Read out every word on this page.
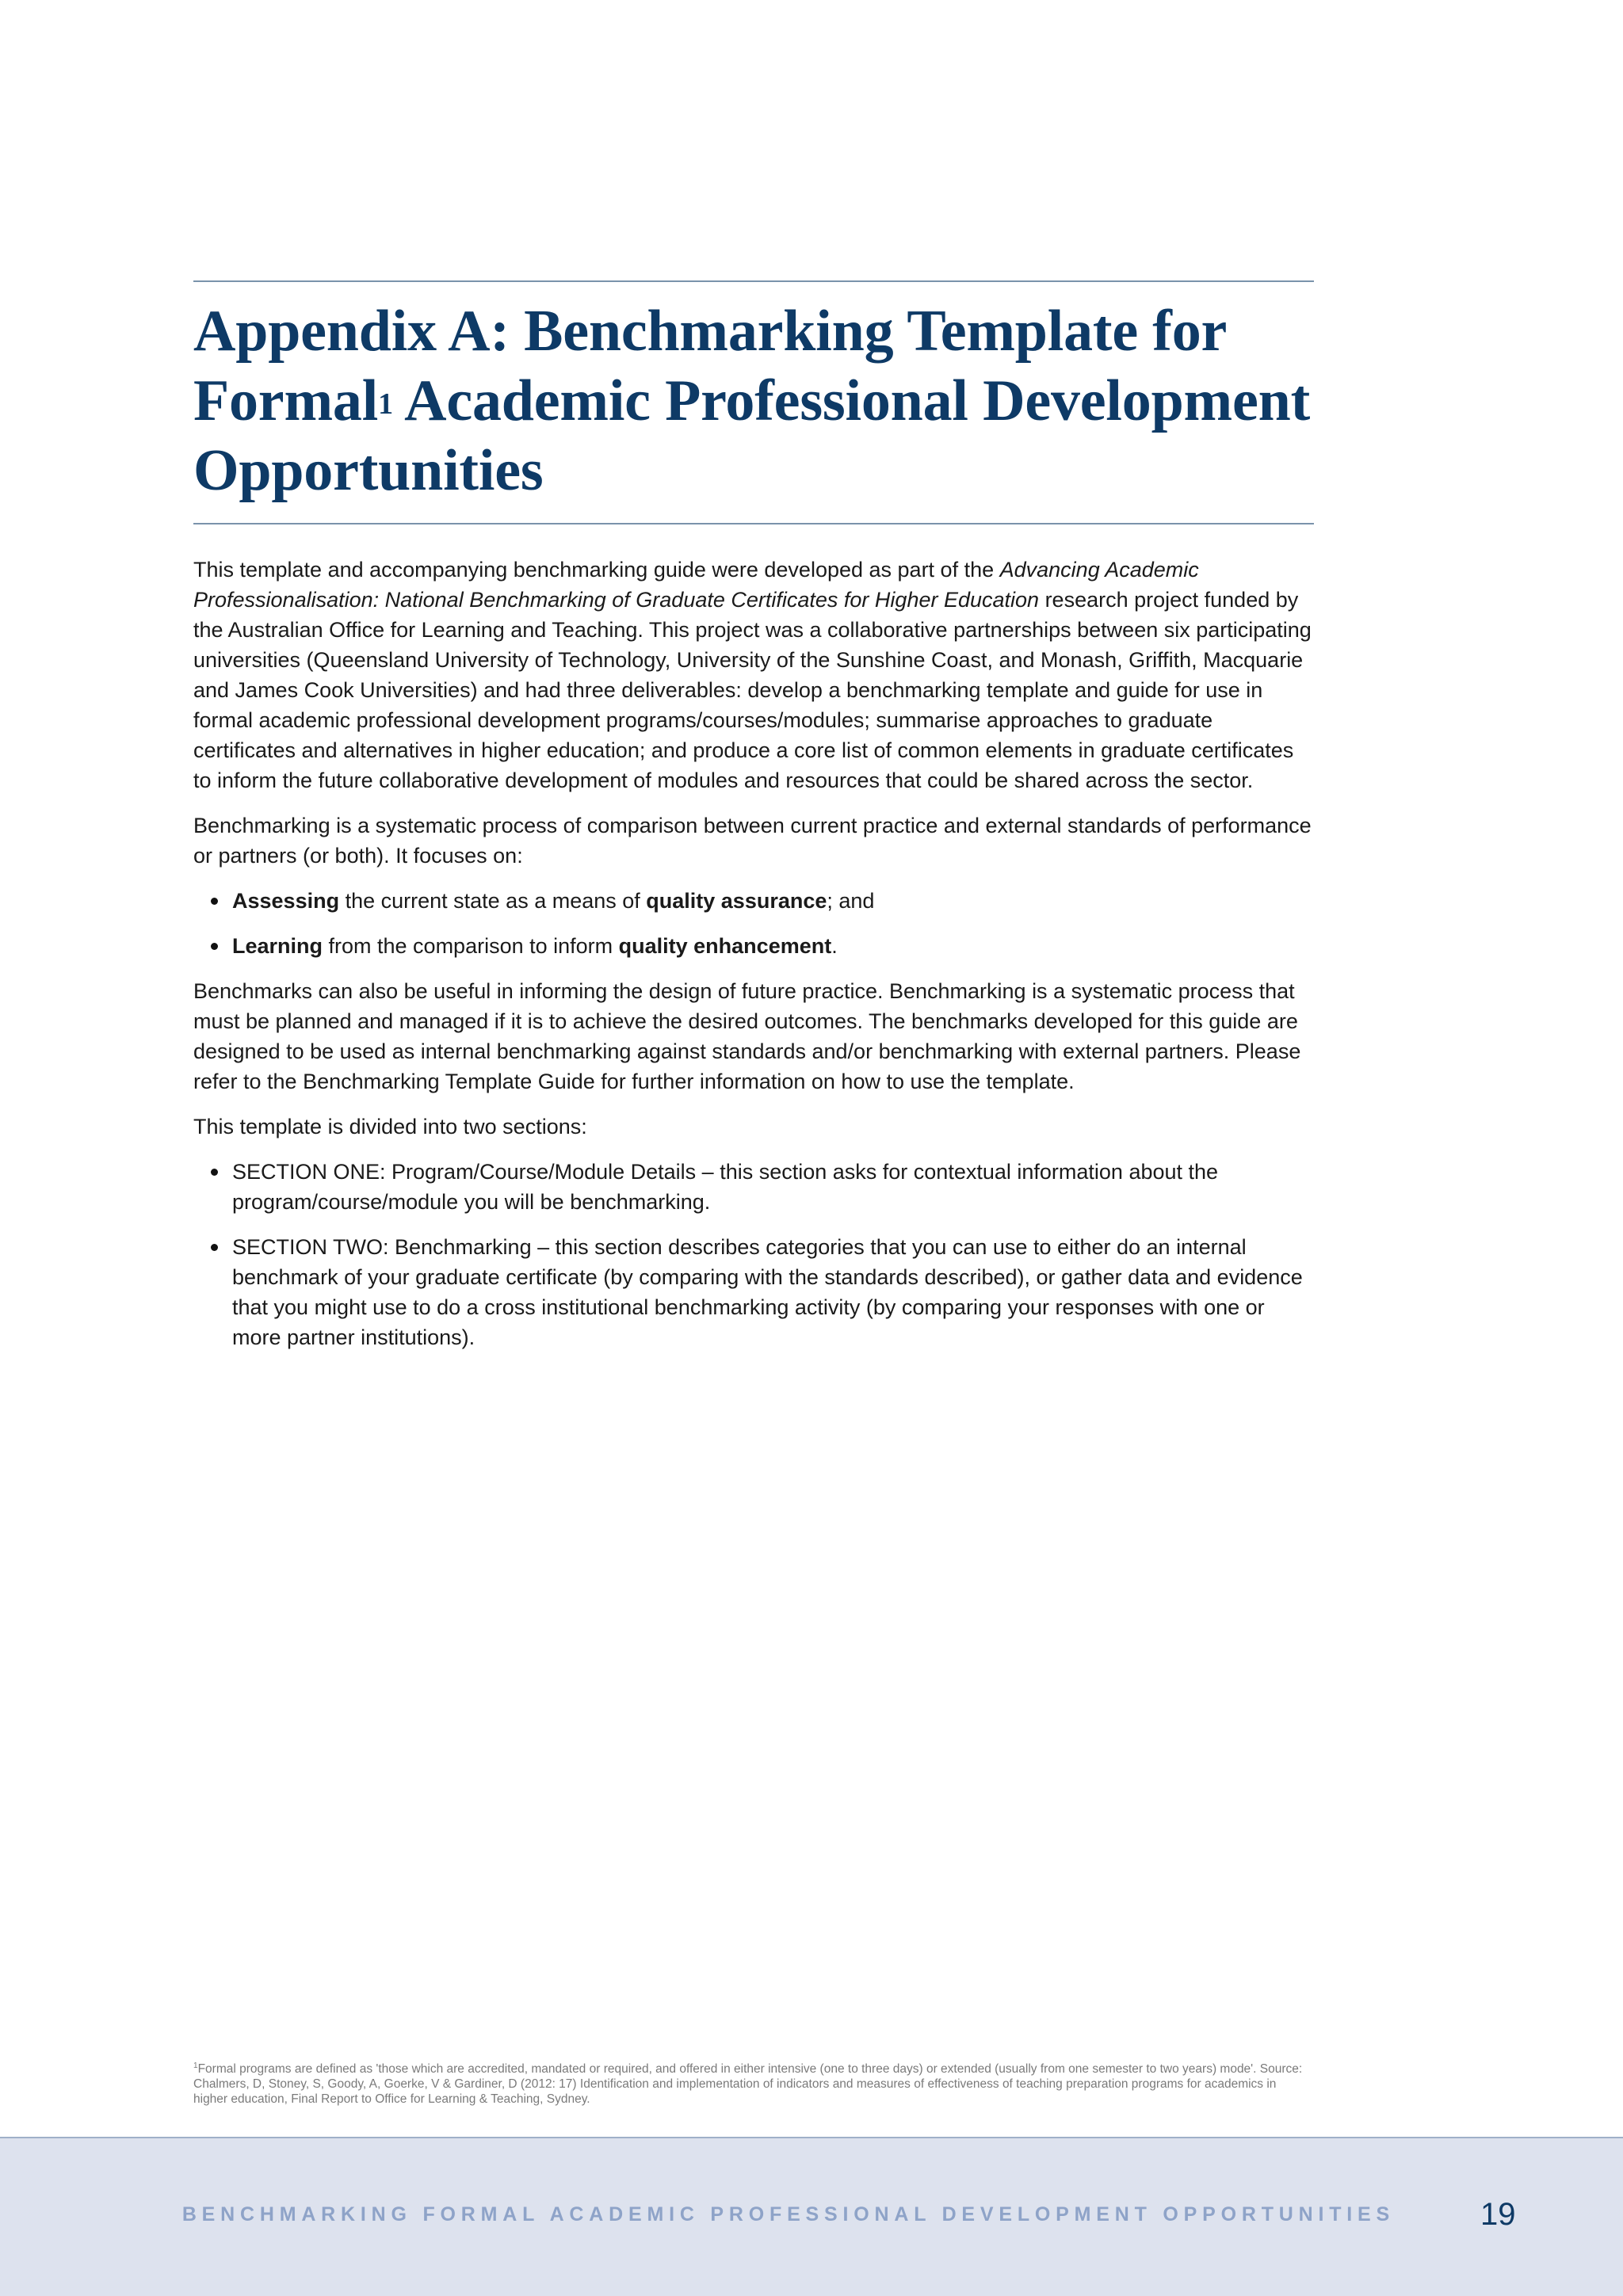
Appendix A: Benchmarking Template for
Formal$^1$ Academic Professional Development
Opportunities

This template and accompanying benchmarking guide were developed as part of the Advancing Academic Professionalisation: National Benchmarking of Graduate Certificates for Higher Education research project funded by the Australian Office for Learning and Teaching. This project was a collaborative partnerships between six participating universities (Queensland University of Technology, University of the Sunshine Coast, and Monash, Griffith, Macquarie and James Cook Universities) and had three deliverables: develop a benchmarking template and guide for use in formal academic professional development programs/courses/modules; summarise approaches to graduate certificates and alternatives in higher education; and produce a core list of common elements in graduate certificates to inform the future collaborative development of modules and resources that could be shared across the sector.

Benchmarking is a systematic process of comparison between current practice and external standards of performance or partners (or both). It focuses on:

Assessing the current state as a means of quality assurance; and
Learning from the comparison to inform quality enhancement.

Benchmarks can also be useful in informing the design of future practice. Benchmarking is a systematic process that must be planned and managed if it is to achieve the desired outcomes. The benchmarks developed for this guide are designed to be used as internal benchmarking against standards and/or benchmarking with external partners. Please refer to the Benchmarking Template Guide for further information on how to use the template.

This template is divided into two sections:

SECTION ONE: Program/Course/Module Details – this section asks for contextual information about the program/course/module you will be benchmarking.
SECTION TWO: Benchmarking – this section describes categories that you can use to either do an internal benchmark of your graduate certificate (by comparing with the standards described), or gather data and evidence that you might use to do a cross institutional benchmarking activity (by comparing your responses with one or more partner institutions).
$^1$Formal programs are defined as 'those which are accredited, mandated or required, and offered in either intensive (one to three days) or extended (usually from one semester to two years) mode'. Source: Chalmers, D, Stoney, S, Goody, A, Goerke, V & Gardiner, D (2012: 17) Identification and implementation of indicators and measures of effectiveness of teaching preparation programs for academics in higher education, Final Report to Office for Learning & Teaching, Sydney.
BENCHMARKING FORMAL ACADEMIC PROFESSIONAL DEVELOPMENT OPPORTUNITIES	19
